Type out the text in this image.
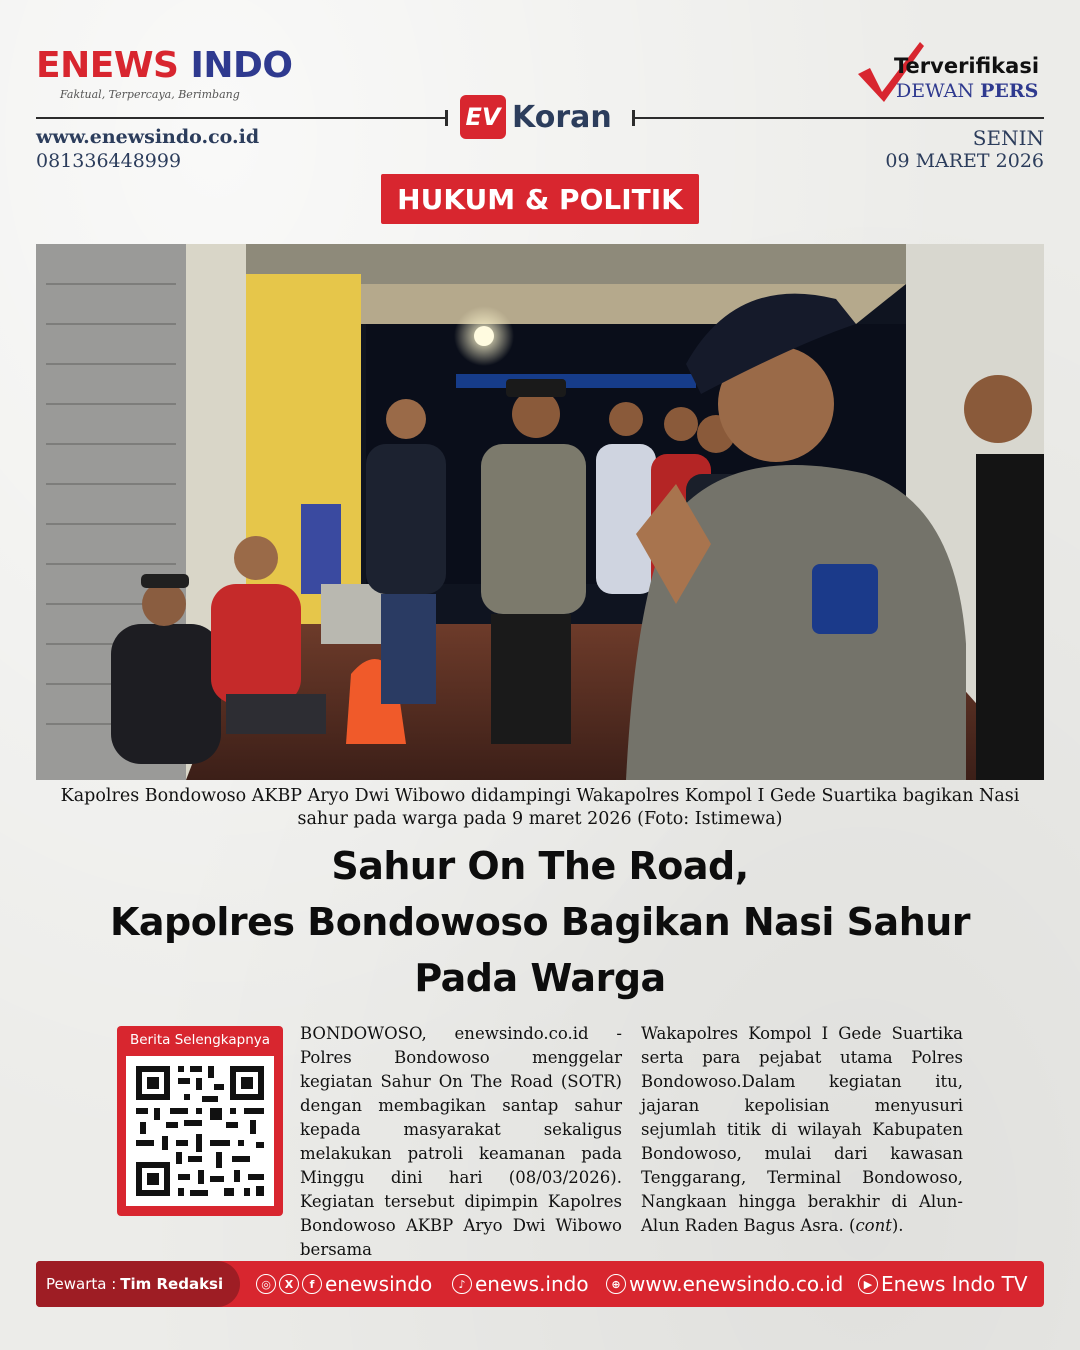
ENEWS INDO
Faktual, Terpercaya, Berimbang
Terverifikasi
DEWAN PERS
EV Koran
www.enewsindo.co.id
081336448999
SENIN
09 MARET 2026
HUKUM & POLITIK
Kapolres Bondowoso AKBP Aryo Dwi Wibowo didampingi Wakapolres Kompol I Gede Suartika bagikan Nasi
sahur pada warga pada 9 maret 2026 (Foto: Istimewa)
Sahur On The Road,
Kapolres Bondowoso Bagikan Nasi Sahur
Pada Warga
Berita Selengkapnya	BONDOWOSO, enewsindo.co.id - Polres Bondowoso menggelar kegiatan Sahur On The Road (SOTR) dengan membagikan santap sahur kepada masyarakat sekaligus melakukan patroli keamanan pada Minggu dini hari (08/03/2026). Kegiatan tersebut dipimpin Kapolres Bondowoso AKBP Aryo Dwi Wibowo bersama

Wakapolres Kompol I Gede Suartika serta para pejabat utama Polres Bondowoso.Dalam kegiatan itu, jajaran kepolisian menyusuri sejumlah titik di wilayah Kabupaten Bondowoso, mulai dari kawasan Tenggarang, Terminal Bondowoso, Nangkaan hingga berakhir di Alun-Alun Raden Bagus Asra. (cont).

Pewarta : Tim Redaksi	◎	X	f enewsindo	♪ enews.indo	⊕ www.enewsindo.co.id	▶ Enews Indo TV
